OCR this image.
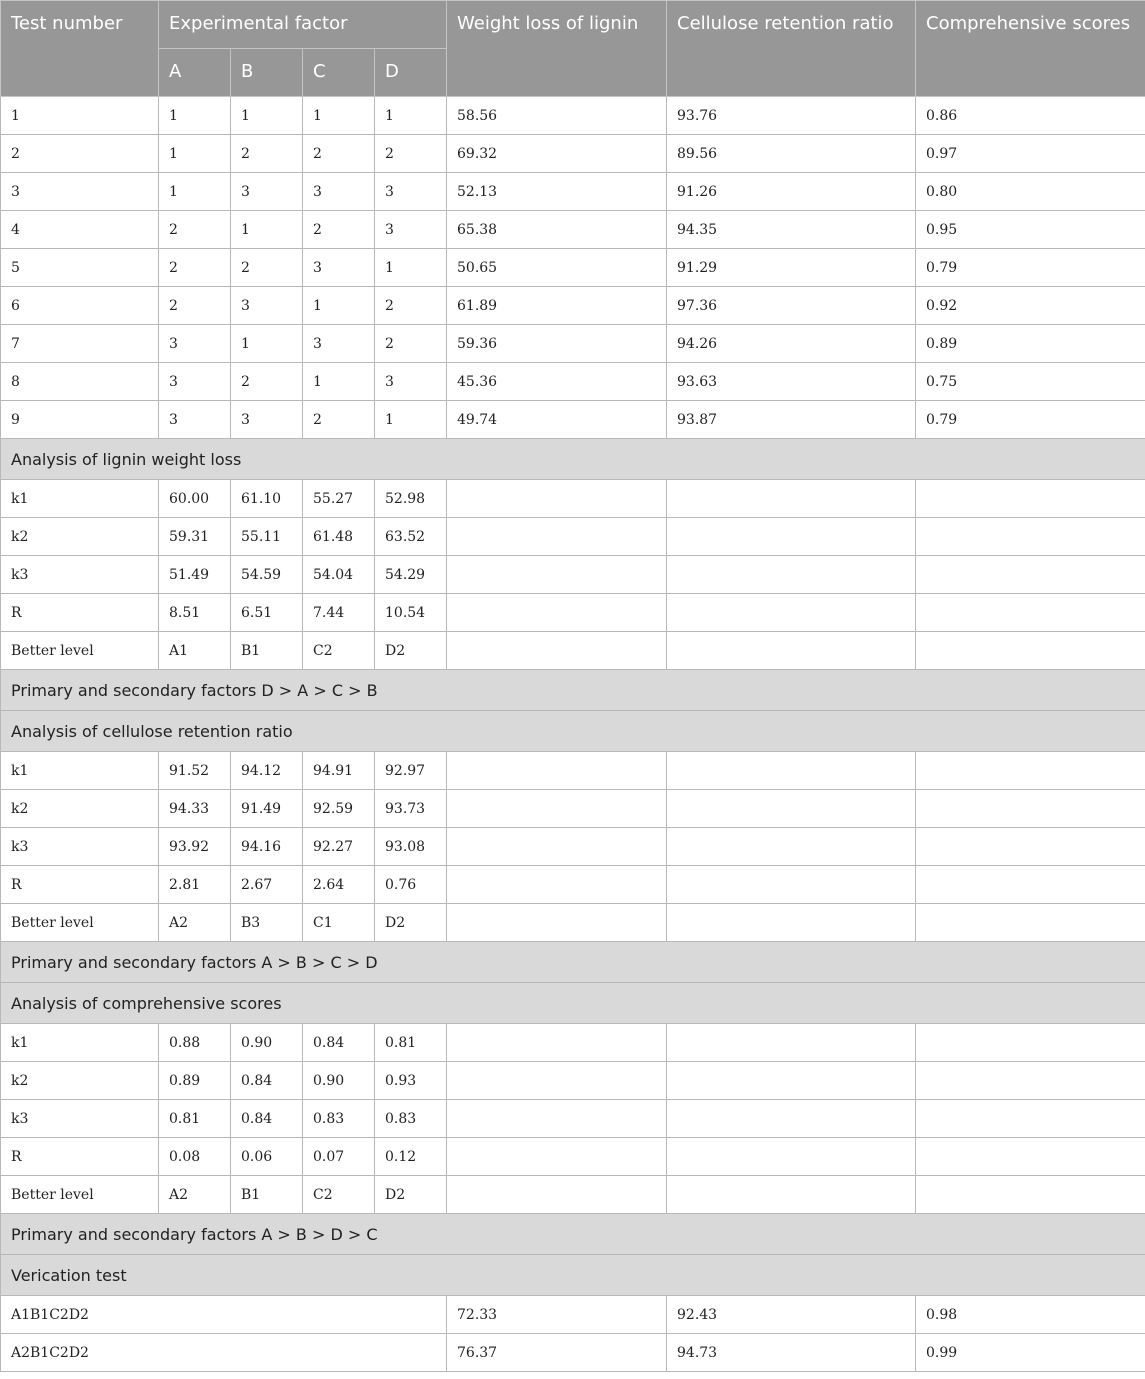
Test number	Experimental factor				Weight loss of lignin	Cellulose retention ratio	Comprehensive scores
	A	B	C	D			
1	1	1	1	1	58.56	93.76	0.86
2	1	2	2	2	69.32	89.56	0.97
3	1	3	3	3	52.13	91.26	0.80
4	2	1	2	3	65.38	94.35	0.95
5	2	2	3	1	50.65	91.29	0.79
6	2	3	1	2	61.89	97.36	0.92
7	3	1	3	2	59.36	94.26	0.89
8	3	2	1	3	45.36	93.63	0.75
9	3	3	2	1	49.74	93.87	0.79
Analysis of lignin weight loss							
k1	60.00	61.10	55.27	52.98			
k2	59.31	55.11	61.48	63.52			
k3	51.49	54.59	54.04	54.29			
R	8.51	6.51	7.44	10.54			
Better level	A1	B1	C2	D2			
Primary and secondary factors D > A > C > B							
Analysis of cellulose retention ratio							
k1	91.52	94.12	94.91	92.97			
k2	94.33	91.49	92.59	93.73			
k3	93.92	94.16	92.27	93.08			
R	2.81	2.67	2.64	0.76			
Better level	A2	B3	C1	D2			
Primary and secondary factors A > B > C > D							
Analysis of comprehensive scores							
k1	0.88	0.90	0.84	0.81			
k2	0.89	0.84	0.90	0.93			
k3	0.81	0.84	0.83	0.83			
R	0.08	0.06	0.07	0.12			
Better level	A2	B1	C2	D2			
Primary and secondary factors A > B > D > C							
Verication test							
A1B1C2D2					72.33	92.43	0.98
A2B1C2D2					76.37	94.73	0.99
